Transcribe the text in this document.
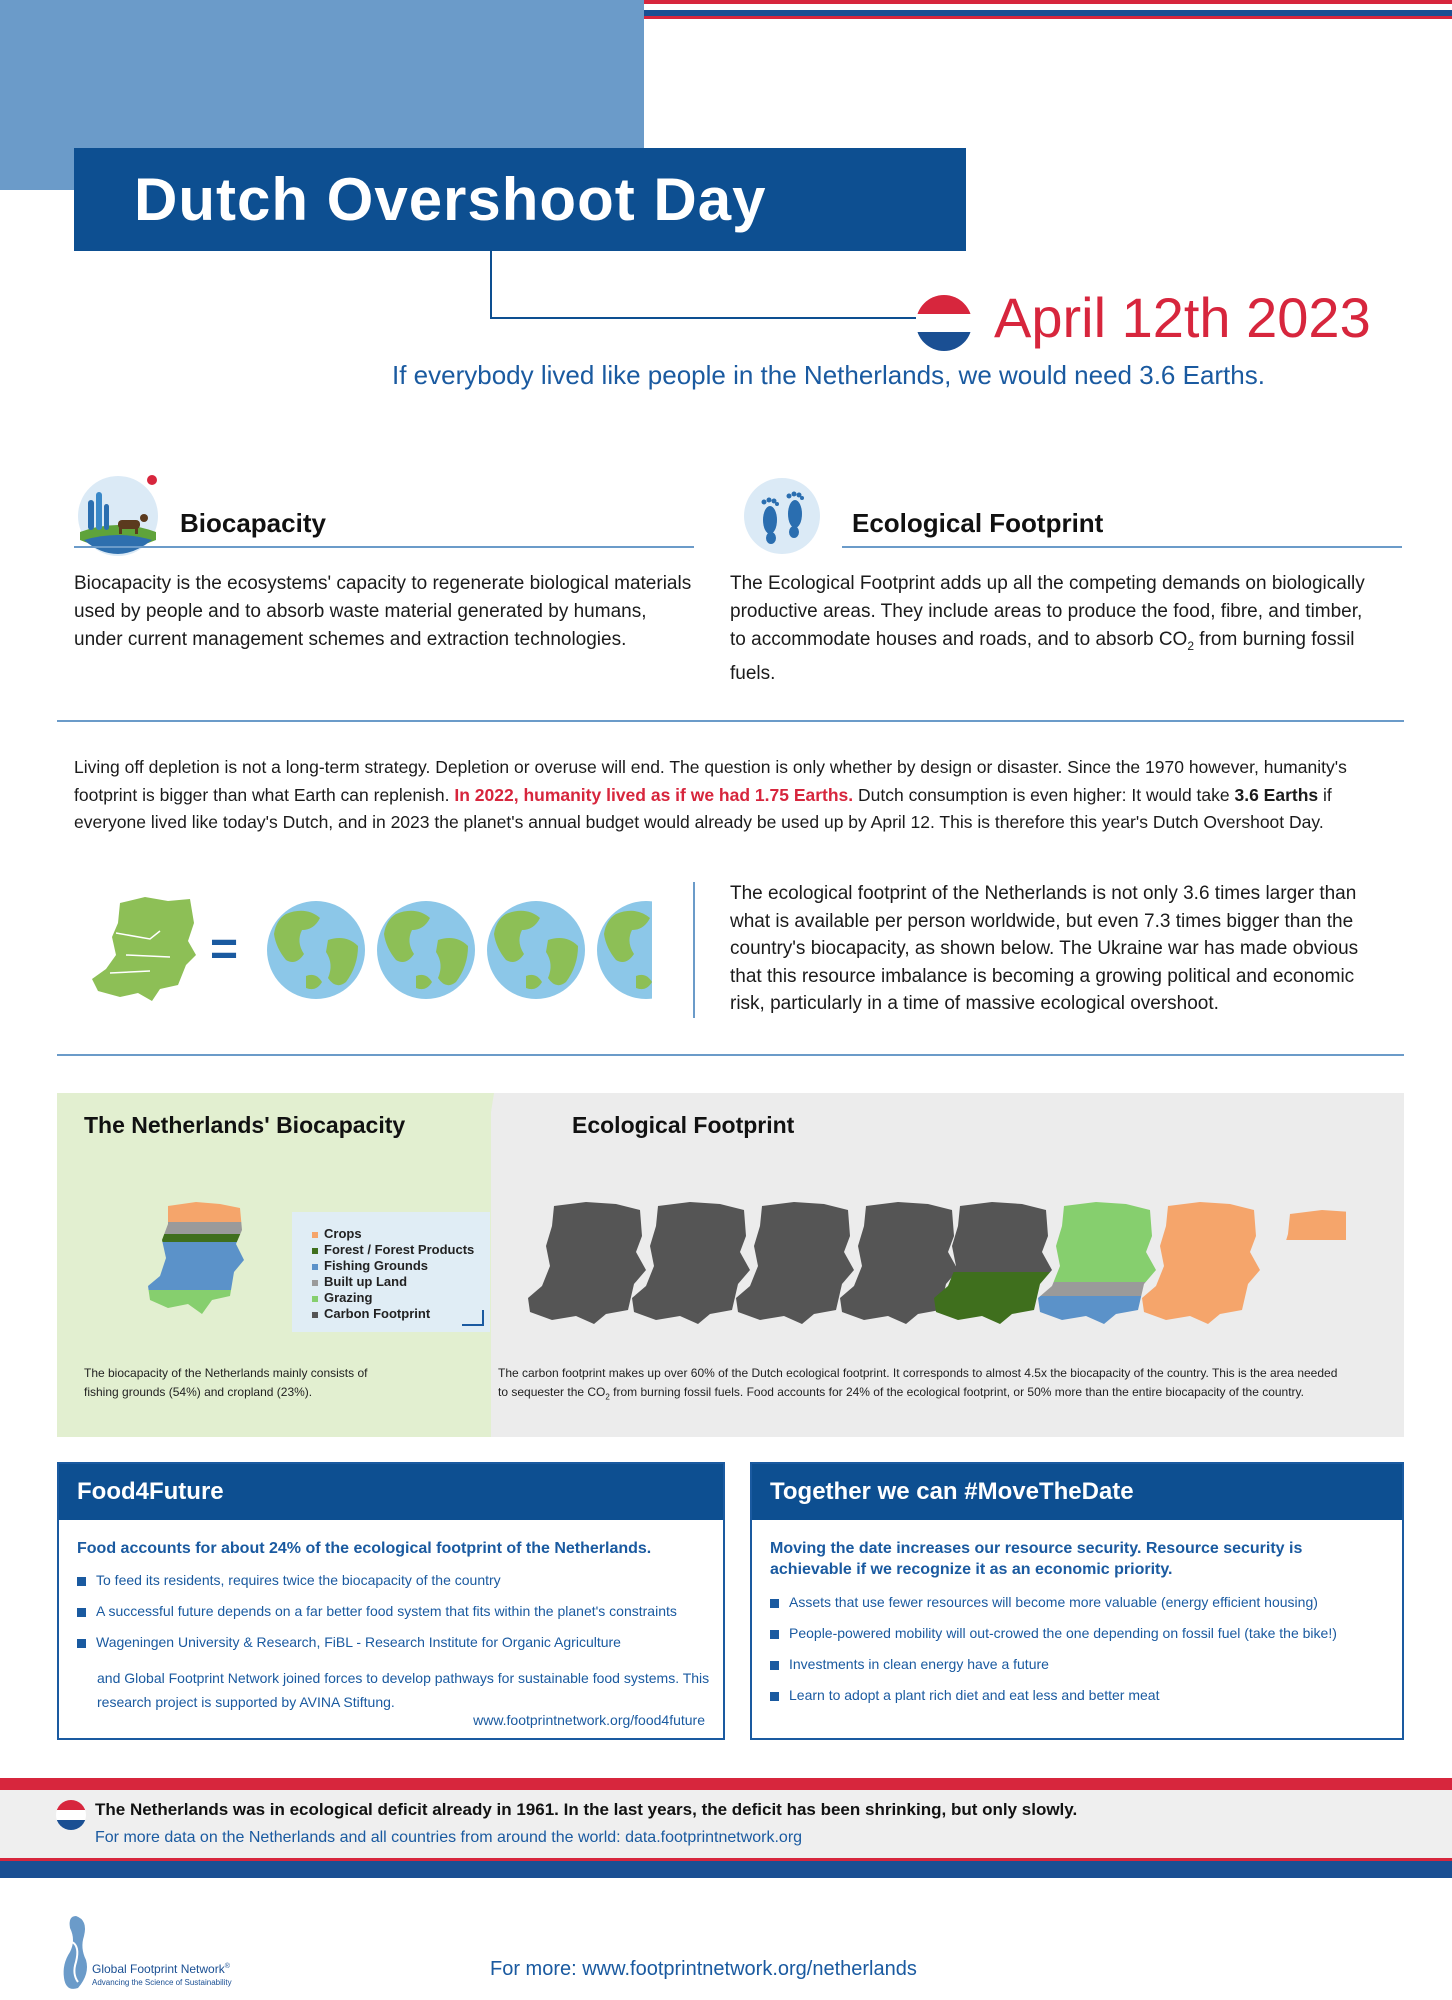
Dutch Overshoot Day
April 12th 2023
If everybody lived like people in the Netherlands, we would need 3.6 Earths.
Biocapacity
Biocapacity is the ecosystems' capacity to regenerate biological materials used by people and to absorb waste material generated by humans, under current management schemes and extraction technologies.
Ecological Footprint
The Ecological Footprint adds up all the competing demands on biologically productive areas. They include areas to produce the food, fibre, and timber, to accommodate houses and roads, and to absorb $CO_2$ from burning fossil fuels.
Living off depletion is not a long-term strategy. Depletion or overuse will end. The question is only whether by design or disaster. Since the 1970 however, humanity's footprint is bigger than what Earth can replenish. In 2022, humanity lived as if we had 1.75 Earths. Dutch consumption is even higher: It would take 3.6 Earths if everyone lived like today's Dutch, and in 2023 the planet's annual budget would already be used up by April 12. This is therefore this year's Dutch Overshoot Day.
=
The ecological footprint of the Netherlands is not only 3.6 times larger than what is available per person worldwide, but even 7.3 times bigger than the country's biocapacity, as shown below. The Ukraine war has made obvious that this resource imbalance is becoming a growing political and economic risk, particularly in a time of massive ecological overshoot.
The Netherlands' Biocapacity	Ecological Footprint
Crops
Forest / Forest Products
Fishing Grounds
Built up Land
Grazing
Carbon Footprint
The biocapacity of the Netherlands mainly consists of fishing grounds (54%) and cropland (23%).
The carbon footprint makes up over 60% of the Dutch ecological footprint. It corresponds to almost 4.5x the biocapacity of the country. This is the area needed to sequester the $CO_2$ from burning fossil fuels. Food accounts for 24% of the ecological footprint, or 50% more than the entire biocapacity of the country.
Food4Future
Food accounts for about 24% of the ecological footprint of the Netherlands.
To feed its residents, requires twice the biocapacity of the country
A successful future depends on a far better food system that fits within the planet's constraints
Wageningen University & Research, FiBL - Research Institute for Organic Agriculture
and Global Footprint Network joined forces to develop pathways for sustainable food systems. This research project is supported by AVINA Stiftung.
www.footprintnetwork.org/food4future
Together we can #MoveTheDate
Moving the date increases our resource security. Resource security is achievable if we recognize it as an economic priority.
Assets that use fewer resources will become more valuable (energy efficient housing)
People-powered mobility will out-crowed the one depending on fossil fuel (take the bike!)
Investments in clean energy have a future
Learn to adopt a plant rich diet and eat less and better meat
The Netherlands was in ecological deficit already in 1961. In the last years, the deficit has been shrinking, but only slowly.
For more data on the Netherlands and all countries from around the world: data.footprintnetwork.org
Global Footprint Network®
Advancing the Science of Sustainability
For more: www.footprintnetwork.org/netherlands
